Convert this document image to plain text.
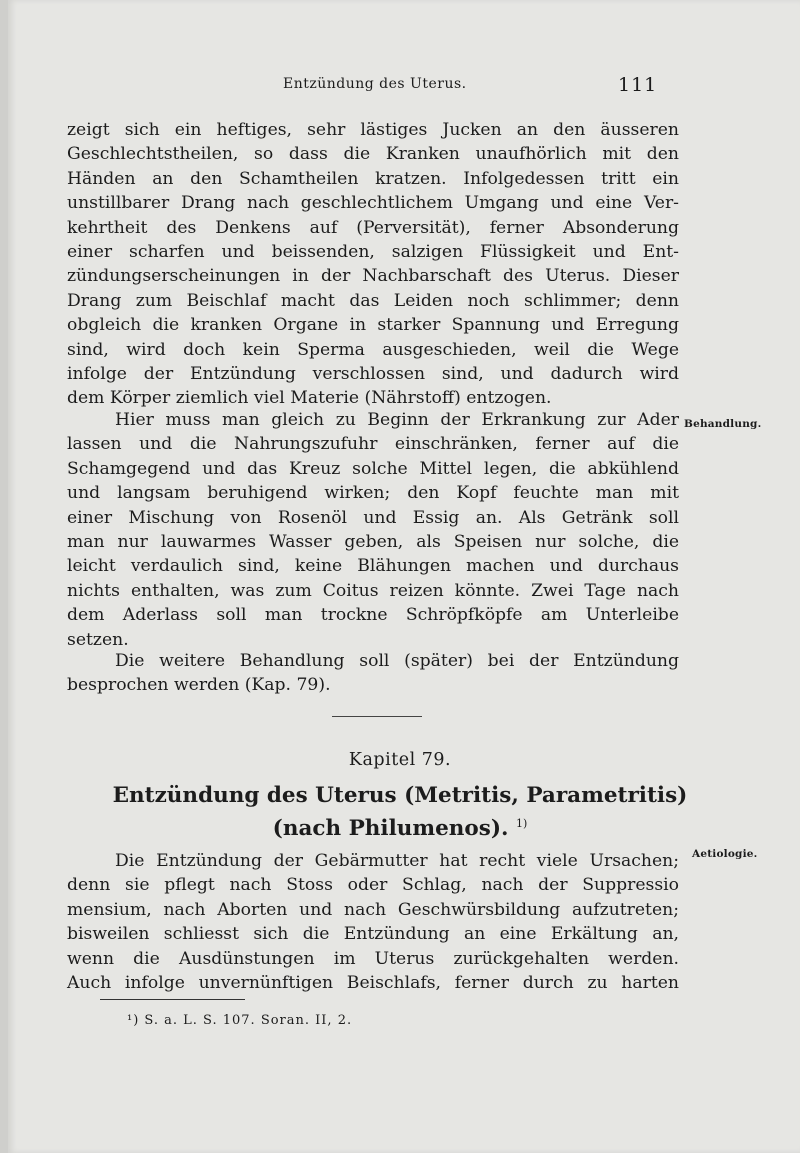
Entzündung des Uterus.	111
zeigt sich ein heftiges, sehr lästiges Jucken an den äusseren
Geschlechtstheilen, so dass die Kranken unaufhörlich mit den
Händen an den Schamtheilen kratzen. Infolgedessen tritt ein
unstillbarer Drang nach geschlechtlichem Umgang und eine Ver-
kehrtheit des Denkens auf (Perversität), ferner Absonderung
einer scharfen und beissenden, salzigen Flüssigkeit und Ent-
zündungserscheinungen in der Nachbarschaft des Uterus. Dieser
Drang zum Beischlaf macht das Leiden noch schlimmer; denn
obgleich die kranken Organe in starker Spannung und Erregung
sind, wird doch kein Sperma ausgeschieden, weil die Wege
infolge der Entzündung verschlossen sind, und dadurch wird
dem Körper ziemlich viel Materie (Nährstoff) entzogen.
Hier muss man gleich zu Beginn der Erkrankung zur Ader
lassen und die Nahrungszufuhr einschränken, ferner auf die
Schamgegend und das Kreuz solche Mittel legen, die abkühlend
und langsam beruhigend wirken; den Kopf feuchte man mit
einer Mischung von Rosenöl und Essig an. Als Getränk soll
man nur lauwarmes Wasser geben, als Speisen nur solche, die
leicht verdaulich sind, keine Blähungen machen und durchaus
nichts enthalten, was zum Coitus reizen könnte. Zwei Tage nach
dem Aderlass soll man trockne Schröpfköpfe am Unterleibe
setzen.
Behandlung.
Die weitere Behandlung soll (später) bei der Entzündung
besprochen werden (Kap. 79).
Kapitel 79.
Entzündung des Uterus (Metritis, Parametritis)
(nach Philumenos). $^{1)}$
Die Entzündung der Gebärmutter hat recht viele Ursachen;
denn sie pflegt nach Stoss oder Schlag, nach der Suppressio
mensium, nach Aborten und nach Geschwürsbildung aufzutreten;
bisweilen schliesst sich die Entzündung an eine Erkältung an,
wenn die Ausdünstungen im Uterus zurückgehalten werden.
Auch infolge unvernünftigen Beischlafs, ferner durch zu harten
Aetiologie.
¹) S. a. L. S. 107. Soran. II, 2.
